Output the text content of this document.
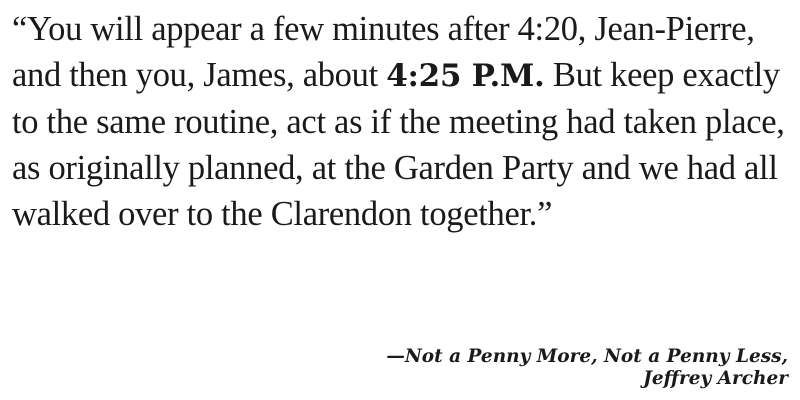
“You will appear a few minutes after 4:20, Jean-Pierre, and then you, James, about 4:25 P.M. But keep exactly to the same routine, act as if the meeting had taken place, as originally planned, at the Garden Party and we had all walked over to the Clarendon together.”

—Not a Penny More, Not a Penny Less, Jeffrey Archer
